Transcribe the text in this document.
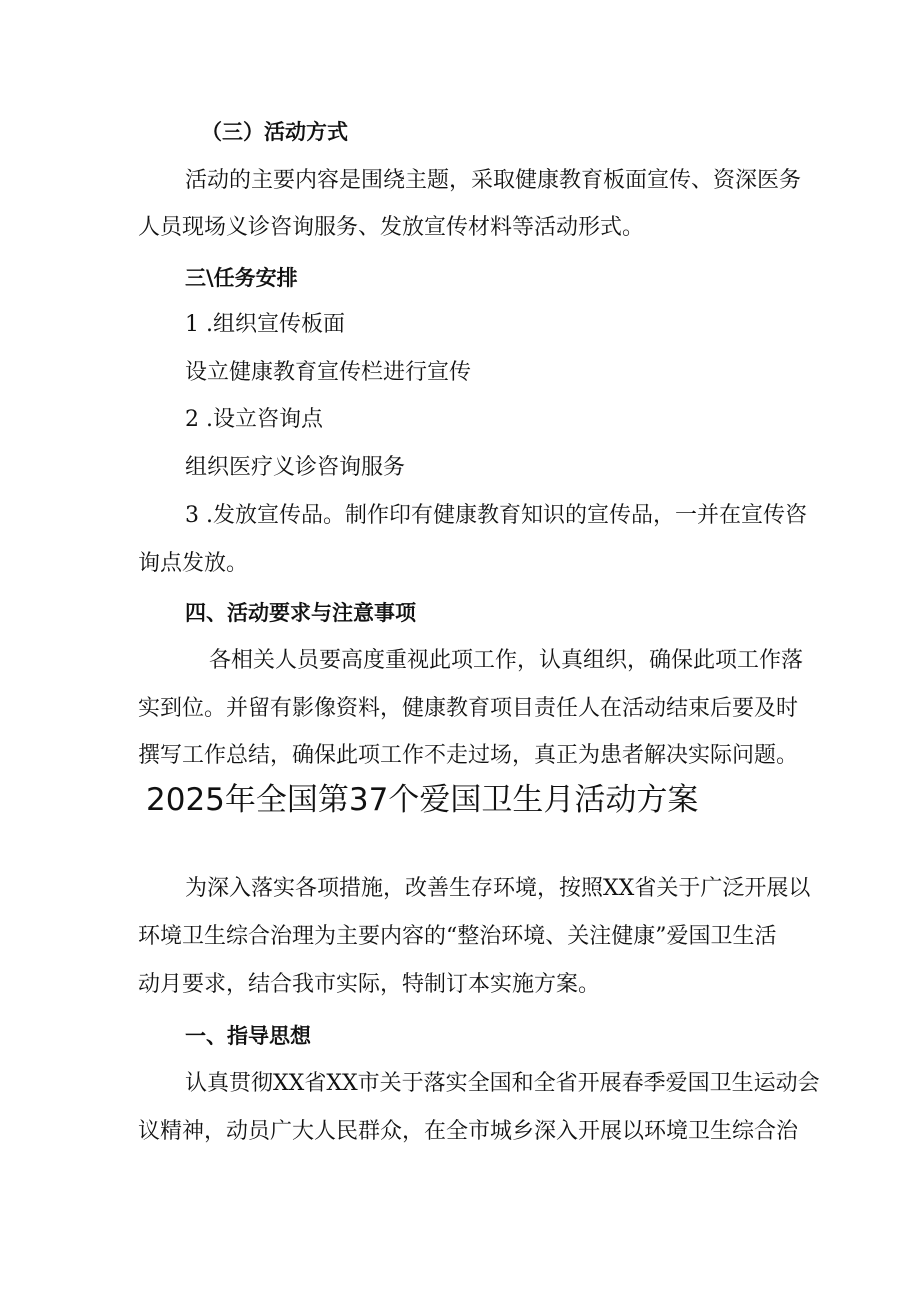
（三）活动方式
活动的主要内容是围绕主题，采取健康教育板面宣传、资深医务
人员现场义诊咨询服务、发放宣传材料等活动形式。
三\任务安排
1 .组织宣传板面
设立健康教育宣传栏进行宣传
2 .设立咨询点
组织医疗义诊咨询服务
3 .发放宣传品。制作印有健康教育知识的宣传品，一并在宣传咨
询点发放。
四、活动要求与注意事项
各相关人员要高度重视此项工作，认真组织，确保此项工作落
实到位。并留有影像资料，健康教育项目责任人在活动结束后要及时
撰写工作总结，确保此项工作不走过场，真正为患者解决实际问题。
2025年全国第37个爱国卫生月活动方案
为深入落实各项措施，改善生存环境，按照XX省关于广泛开展以
环境卫生综合治理为主要内容的“整治环境、关注健康”爱国卫生活
动月要求，结合我市实际，特制订本实施方案。
一、指导思想
认真贯彻XX省XX市关于落实全国和全省开展春季爱国卫生运动会
议精神，动员广大人民群众，在全市城乡深入开展以环境卫生综合治
